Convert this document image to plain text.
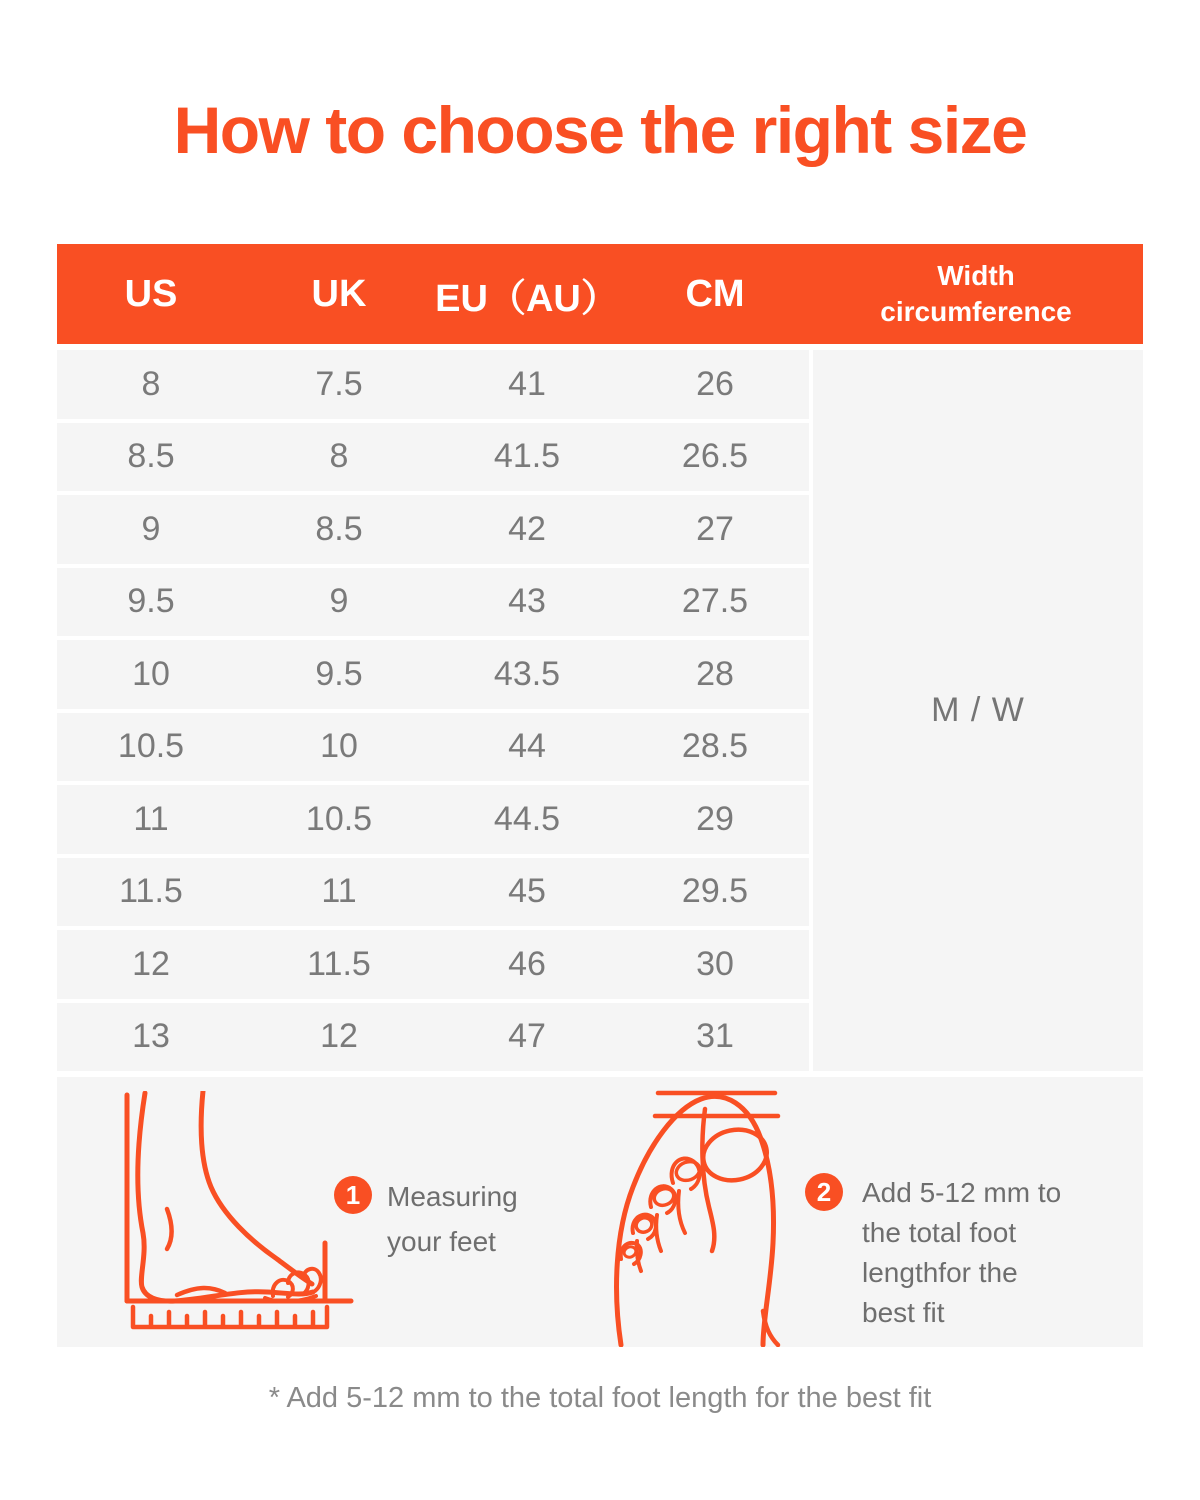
How to choose the right size
US	UK	EU（AU）	CM	Width circumference
8	7.5	41	26
8.5	8	41.5	26.5
9	8.5	42	27
9.5	9	43	27.5
10	9.5	43.5	28
10.5	10	44	28.5
11	10.5	44.5	29
11.5	11	45	29.5
12	11.5	46	30
13	12	47	31
M / W
1 Measuring
your feet
2	Add 5-12 mm to
the total foot
lengthfor the
best fit
* Add 5-12 mm to the total foot length for the best fit
